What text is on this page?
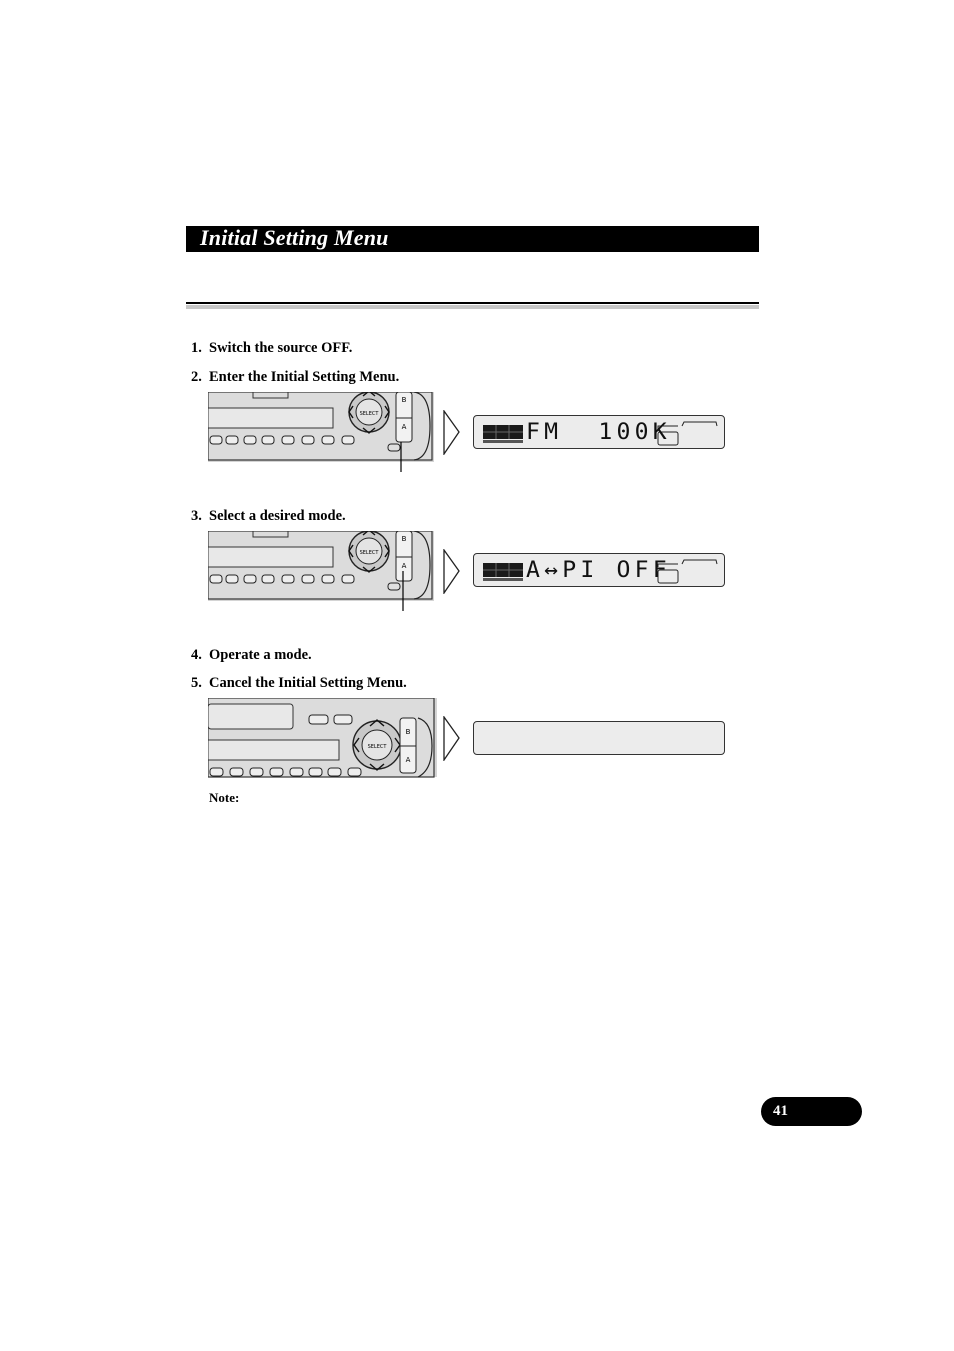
Initial Setting Menu
1. Switch the source OFF.
2. Enter the Initial Setting Menu.
SELECT
B
A	FM  100K
3. Select a desired mode.
SELECT
B
A	A↔PI OFF
4. Operate a mode.
5. Cancel the Initial Setting Menu.
SELECT
B
A
Note:
41
